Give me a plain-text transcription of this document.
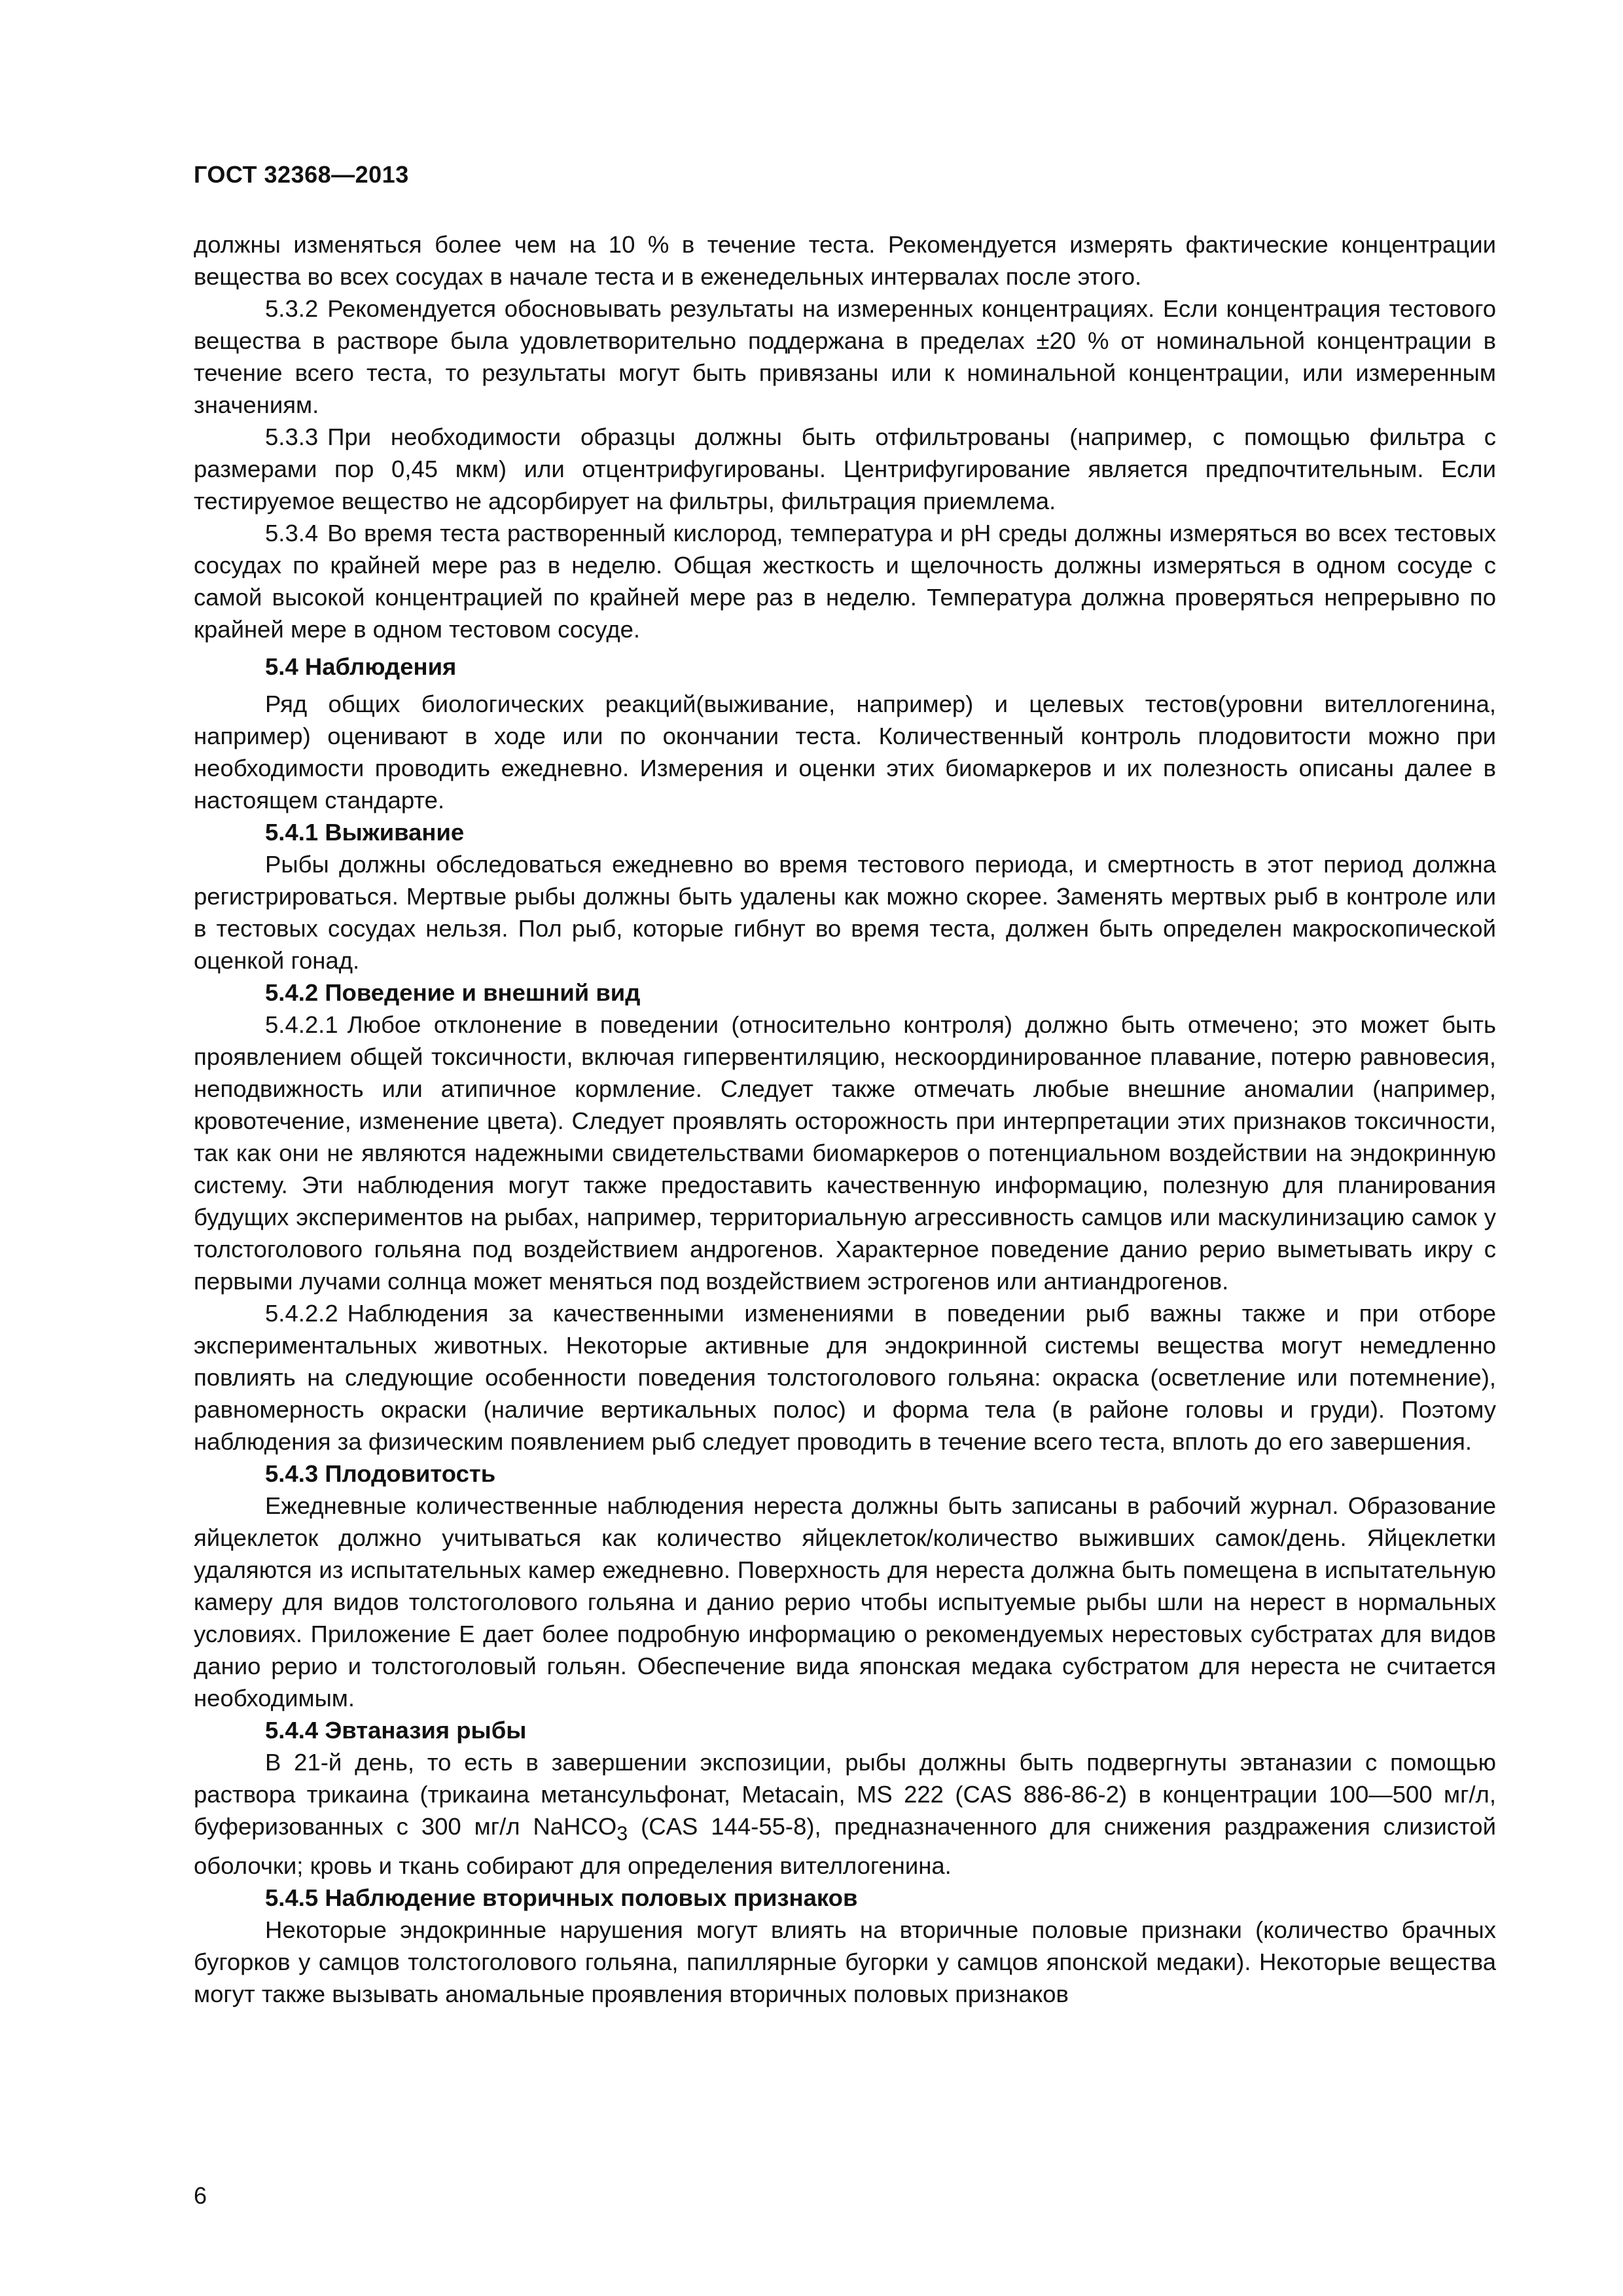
ГОСТ 32368—2013

должны изменяться более чем на 10 % в течение теста. Рекомендуется измерять фактические концентрации вещества во всех сосудах в начале теста и в еженедельных интервалах после этого.

5.3.2 Рекомендуется обосновывать результаты на измеренных концентрациях. Если концентрация тестового вещества в растворе была удовлетворительно поддержана в пределах ±20 % от номинальной концентрации в течение всего теста, то результаты могут быть привязаны или к номинальной концентрации, или измеренным значениям.

5.3.3 При необходимости образцы должны быть отфильтрованы (например, с помощью фильтра с размерами пор 0,45 мкм) или отцентрифугированы. Центрифугирование является предпочтительным. Если тестируемое вещество не адсорбирует на фильтры, фильтрация приемлема.

5.3.4 Во время теста растворенный кислород, температура и pH среды должны измеряться во всех тестовых сосудах по крайней мере раз в неделю. Общая жесткость и щелочность должны измеряться в одном сосуде с самой высокой концентрацией по крайней мере раз в неделю. Температура должна проверяться непрерывно по крайней мере в одном тестовом сосуде.

5.4 Наблюдения

Ряд общих биологических реакций(выживание, например) и целевых тестов(уровни вителлогенина, например) оценивают в ходе или по окончании теста. Количественный контроль плодовитости можно при необходимости проводить ежедневно. Измерения и оценки этих биомаркеров и их полезность описаны далее в настоящем стандарте.

5.4.1 Выживание

Рыбы должны обследоваться ежедневно во время тестового периода, и смертность в этот период должна регистрироваться. Мертвые рыбы должны быть удалены как можно скорее. Заменять мертвых рыб в контроле или в тестовых сосудах нельзя. Пол рыб, которые гибнут во время теста, должен быть определен макроскопической оценкой гонад.

5.4.2 Поведение и внешний вид

5.4.2.1 Любое отклонение в поведении (относительно контроля) должно быть отмечено; это может быть проявлением общей токсичности, включая гипервентиляцию, нескоординированное плавание, потерю равновесия, неподвижность или атипичное кормление. Следует также отмечать любые внешние аномалии (например, кровотечение, изменение цвета). Следует проявлять осторожность при интерпретации этих признаков токсичности, так как они не являются надежными свидетельствами биомаркеров о потенциальном воздействии на эндокринную систему. Эти наблюдения могут также предоставить качественную информацию, полезную для планирования будущих экспериментов на рыбах, например, территориальную агрессивность самцов или маскулинизацию самок у толстоголового гольяна под воздействием андрогенов. Характерное поведение данио рерио выметывать икру с первыми лучами солнца может меняться под воздействием эстрогенов или антиандрогенов.

5.4.2.2 Наблюдения за качественными изменениями в поведении рыб важны также и при отборе экспериментальных животных. Некоторые активные для эндокринной системы вещества могут немедленно повлиять на следующие особенности поведения толстоголового гольяна: окраска (осветление или потемнение), равномерность окраски (наличие вертикальных полос) и форма тела (в районе головы и груди). Поэтому наблюдения за физическим появлением рыб следует проводить в течение всего теста, вплоть до его завершения.

5.4.3 Плодовитость

Ежедневные количественные наблюдения нереста должны быть записаны в рабочий журнал. Образование яйцеклеток должно учитываться как количество яйцеклеток/количество выживших самок/день. Яйцеклетки удаляются из испытательных камер ежедневно. Поверхность для нереста должна быть помещена в испытательную камеру для видов толстоголового гольяна и данио рерио чтобы испытуемые рыбы шли на нерест в нормальных условиях. Приложение Е дает более подробную информацию о рекомендуемых нерестовых субстратах для видов данио рерио и толстоголовый гольян. Обеспечение вида японская медака субстратом для нереста не считается необходимым.

5.4.4 Эвтаназия рыбы

В 21-й день, то есть в завершении экспозиции, рыбы должны быть подвергнуты эвтаназии с помощью раствора трикаина (трикаина метансульфонат, Metacain, MS 222 (CAS 886-86-2) в концентрации 100—500 мг/л, буферизованных с 300 мг/л NaHCO$_3$ (CAS 144-55-8), предназначенного для снижения раздражения слизистой оболочки; кровь и ткань собирают для определения вителлогенина.

5.4.5 Наблюдение вторичных половых признаков

Некоторые эндокринные нарушения могут влиять на вторичные половые признаки (количество брачных бугорков у самцов толстоголового гольяна, папиллярные бугорки у самцов японской медаки). Некоторые вещества могут также вызывать аномальные проявления вторичных половых признаков

6
